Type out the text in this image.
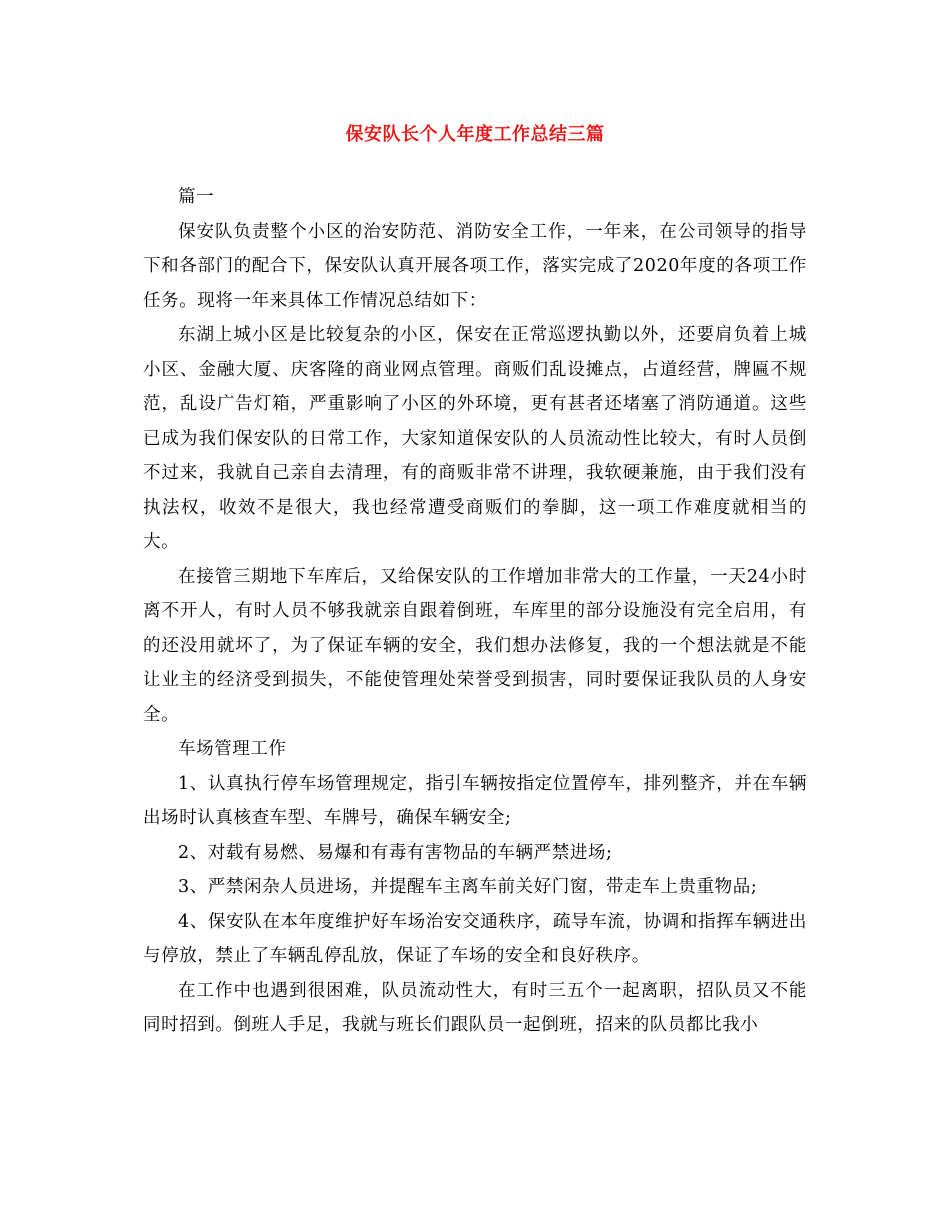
保安队长个人年度工作总结三篇

篇一

保安队负责整个小区的治安防范、消防安全工作，一年来，在公司领导的指导下和各部门的配合下，保安队认真开展各项工作，落实完成了2020年度的各项工作任务。现将一年来具体工作情况总结如下：

东湖上城小区是比较复杂的小区，保安在正常巡逻执勤以外，还要肩负着上城小区、金融大厦、庆客隆的商业网点管理。商贩们乱设摊点，占道经营，牌匾不规范，乱设广告灯箱，严重影响了小区的外环境，更有甚者还堵塞了消防通道。这些已成为我们保安队的日常工作，大家知道保安队的人员流动性比较大，有时人员倒不过来，我就自己亲自去清理，有的商贩非常不讲理，我软硬兼施，由于我们没有执法权，收效不是很大，我也经常遭受商贩们的拳脚，这一项工作难度就相当的大。

在接管三期地下车库后，又给保安队的工作增加非常大的工作量，一天24小时离不开人，有时人员不够我就亲自跟着倒班，车库里的部分设施没有完全启用，有的还没用就坏了，为了保证车辆的安全，我们想办法修复，我的一个想法就是不能让业主的经济受到损失，不能使管理处荣誉受到损害，同时要保证我队员的人身安全。

车场管理工作

1、认真执行停车场管理规定，指引车辆按指定位置停车，排列整齐，并在车辆出场时认真核查车型、车牌号，确保车辆安全;

2、对载有易燃、易爆和有毒有害物品的车辆严禁进场;

3、严禁闲杂人员进场，并提醒车主离车前关好门窗，带走车上贵重物品;

4、保安队在本年度维护好车场治安交通秩序，疏导车流，协调和指挥车辆进出与停放，禁止了车辆乱停乱放，保证了车场的安全和良好秩序。

在工作中也遇到很困难，队员流动性大，有时三五个一起离职，招队员又不能同时招到。倒班人手足，我就与班长们跟队员一起倒班，招来的队员都比我小
